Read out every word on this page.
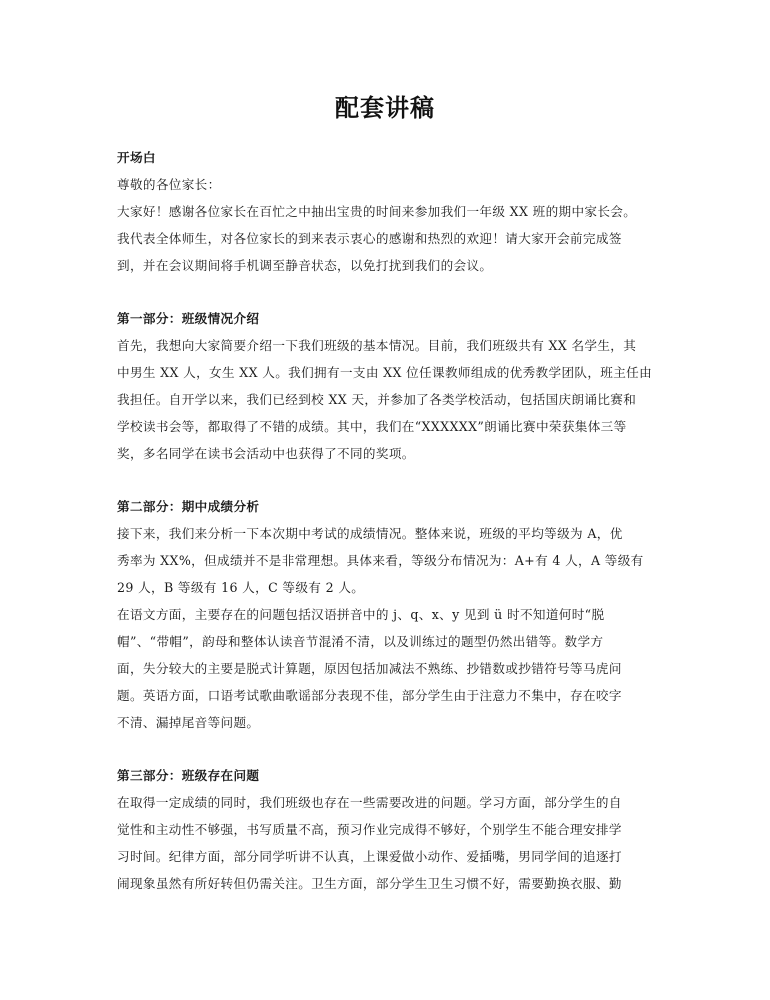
配套讲稿
开场白
尊敬的各位家长：
大家好！感谢各位家长在百忙之中抽出宝贵的时间来参加我们一年级 XX 班的期中家长会。
我代表全体师生，对各位家长的到来表示衷心的感谢和热烈的欢迎！请大家开会前完成签
到，并在会议期间将手机调至静音状态，以免打扰到我们的会议。
第一部分：班级情况介绍
首先，我想向大家简要介绍一下我们班级的基本情况。目前，我们班级共有 XX 名学生，其
中男生 XX 人，女生 XX 人。我们拥有一支由 XX 位任课教师组成的优秀教学团队，班主任由
我担任。自开学以来，我们已经到校 XX 天，并参加了各类学校活动，包括国庆朗诵比赛和
学校读书会等，都取得了不错的成绩。其中，我们在“XXXXXX”朗诵比赛中荣获集体三等
奖，多名同学在读书会活动中也获得了不同的奖项。
第二部分：期中成绩分析
接下来，我们来分析一下本次期中考试的成绩情况。整体来说，班级的平均等级为 A，优
秀率为 XX%，但成绩并不是非常理想。具体来看，等级分布情况为：A+有 4 人，A 等级有
29 人，B 等级有 16 人，C 等级有 2 人。
在语文方面，主要存在的问题包括汉语拼音中的 j、q、x、y 见到 ü 时不知道何时“脱
帽”、“带帽”，韵母和整体认读音节混淆不清，以及训练过的题型仍然出错等。数学方
面，失分较大的主要是脱式计算题，原因包括加减法不熟练、抄错数或抄错符号等马虎问
题。英语方面，口语考试歌曲歌谣部分表现不佳，部分学生由于注意力不集中，存在咬字
不清、漏掉尾音等问题。
第三部分：班级存在问题
在取得一定成绩的同时，我们班级也存在一些需要改进的问题。学习方面，部分学生的自
觉性和主动性不够强，书写质量不高，预习作业完成得不够好，个别学生不能合理安排学
习时间。纪律方面，部分同学听讲不认真，上课爱做小动作、爱插嘴，男同学间的追逐打
闹现象虽然有所好转但仍需关注。卫生方面，部分学生卫生习惯不好，需要勤换衣服、勤
